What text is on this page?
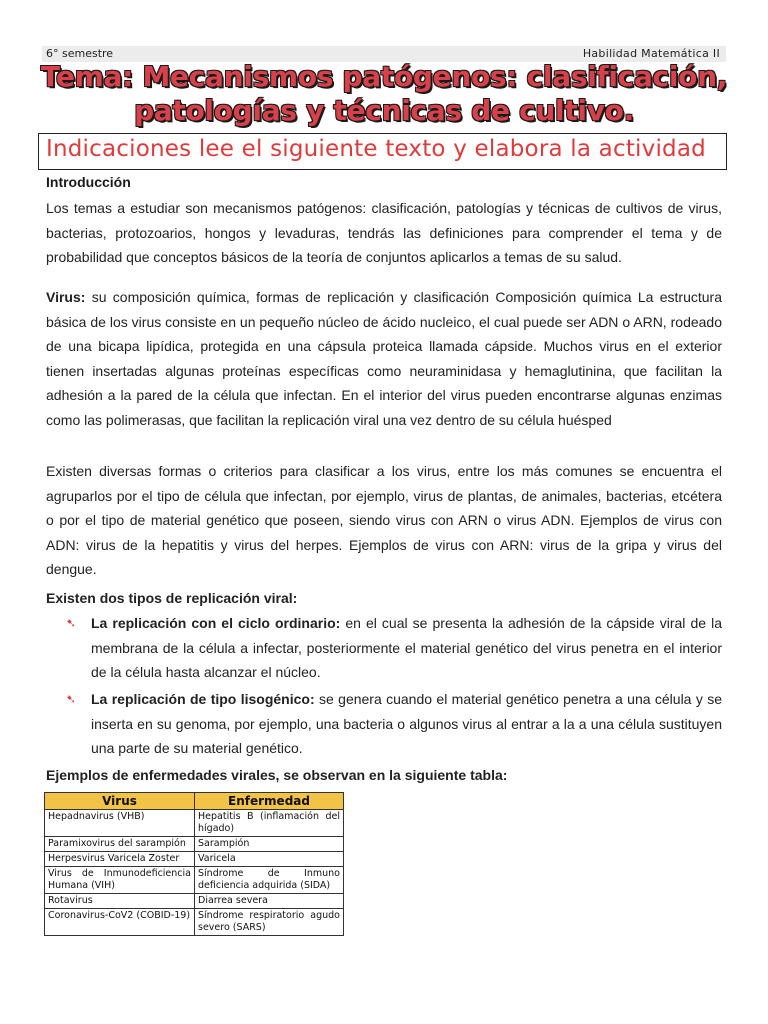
6° semestre	Habilidad Matemática II
Tema: Mecanismos patógenos: clasificación,
patologías y técnicas de cultivo.
Indicaciones lee el siguiente texto y elabora la actividad
Introducción
Los temas a estudiar son mecanismos patógenos: clasificación, patologías y técnicas de cultivos de virus, bacterias, protozoarios, hongos y levaduras, tendrás las definiciones para comprender el tema y de probabilidad que conceptos básicos de la teoría de conjuntos aplicarlos a temas de su salud.
Virus: su composición química, formas de replicación y clasificación Composición química La estructura básica de los virus consiste en un pequeño núcleo de ácido nucleico, el cual puede ser ADN o ARN, rodeado de una bicapa lipídica, protegida en una cápsula proteica llamada cápside. Muchos virus en el exterior tienen insertadas algunas proteínas específicas como neuraminidasa y hemaglutinina, que facilitan la adhesión a la pared de la célula que infectan. En el interior del virus pueden encontrarse algunas enzimas como las polimerasas, que facilitan la replicación viral una vez dentro de su célula huésped
Existen diversas formas o criterios para clasificar a los virus, entre los más comunes se encuentra el agruparlos por el tipo de célula que infectan, por ejemplo, virus de plantas, de animales, bacterias, etcétera o por el tipo de material genético que poseen, siendo virus con ARN o virus ADN. Ejemplos de virus con ADN: virus de la hepatitis y virus del herpes. Ejemplos de virus con ARN: virus de la gripa y virus del dengue.
Existen dos tipos de replicación viral:
➷ La replicación con el ciclo ordinario: en el cual se presenta la adhesión de la cápside viral de la membrana de la célula a infectar, posteriormente el material genético del virus penetra en el interior de la célula hasta alcanzar el núcleo.
➷ La replicación de tipo lisogénico: se genera cuando el material genético penetra a una célula y se inserta en su genoma, por ejemplo, una bacteria o algunos virus al entrar a la a una célula sustituyen una parte de su material genético.
Ejemplos de enfermedades virales, se observan en la siguiente tabla:
Virus	Enfermedad
Hepadnavirus (VHB)	Hepatitis B (inflamación del hígado)
Paramixovirus del sarampión	Sarampión
Herpesvirus Varicela Zoster	Varicela
Virus de Inmunodeficiencia Humana (VIH)	Síndrome de Inmuno deficiencia adquirida (SIDA)
Rotavirus	Diarrea severa
Coronavirus-CoV2 (COBID-19)	Síndrome respiratorio agudo severo (SARS)
